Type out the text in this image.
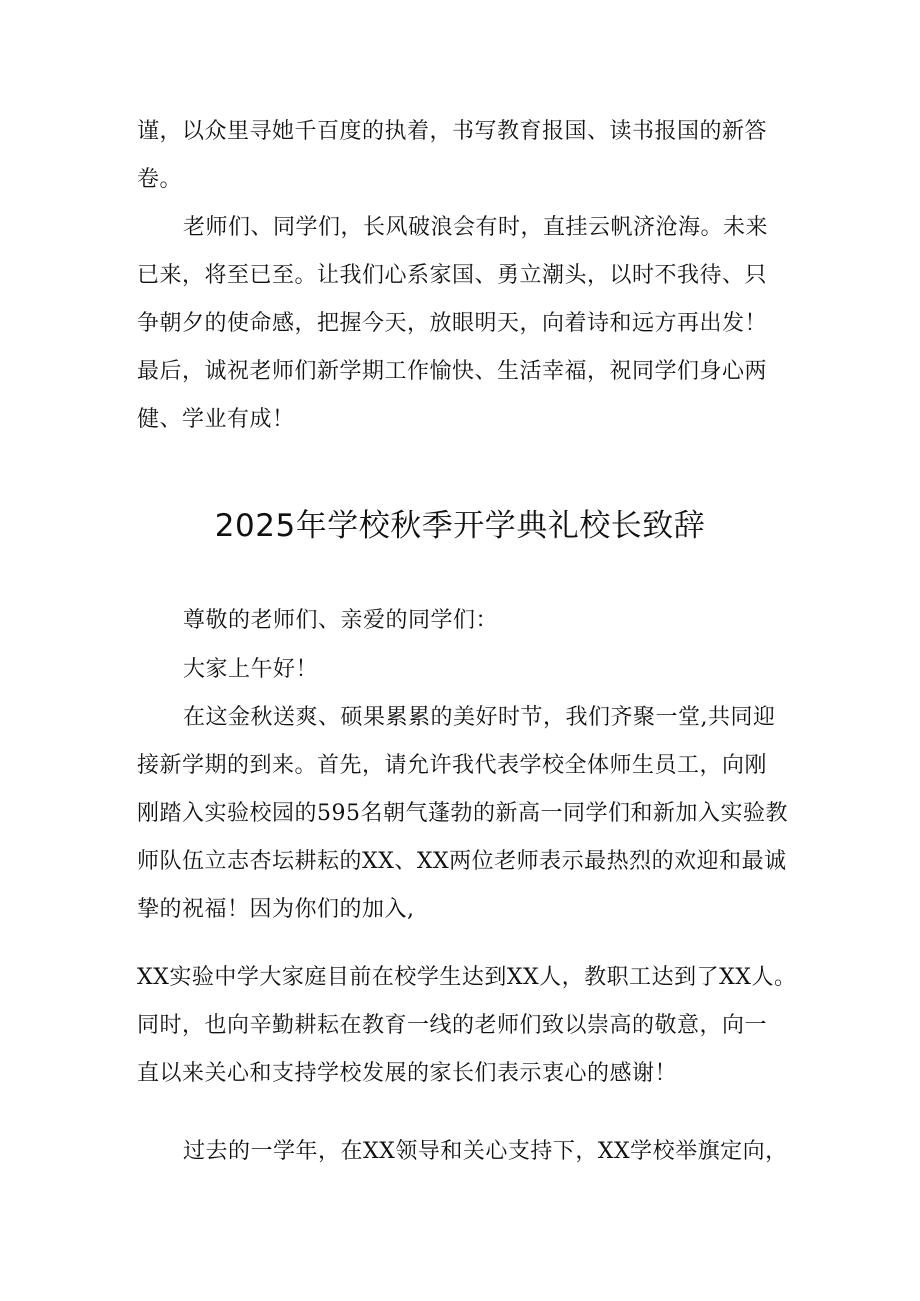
谨，以众里寻她千百度的执着，书写教育报国、读书报国的新答
卷。
老师们、同学们，长风破浪会有时，直挂云帆济沧海。未来
已来，将至已至。让我们心系家国、勇立潮头，以时不我待、只
争朝夕的使命感，把握今天，放眼明天，向着诗和远方再出发！
最后，诚祝老师们新学期工作愉快、生活幸福，祝同学们身心两
健、学业有成！
2025年学校秋季开学典礼校长致辞
尊敬的老师们、亲爱的同学们：
大家上午好！
在这金秋送爽、硕果累累的美好时节，我们齐聚一堂,共同迎
接新学期的到来。首先，请允许我代表学校全体师生员工，向刚
刚踏入实验校园的595名朝气蓬勃的新高一同学们和新加入实验教
师队伍立志杏坛耕耘的XX、XX两位老师表示最热烈的欢迎和最诚
挚的祝福！因为你们的加入,
XX实验中学大家庭目前在校学生达到XX人，教职工达到了XX人。
同时，也向辛勤耕耘在教育一线的老师们致以崇高的敬意，向一
直以来关心和支持学校发展的家长们表示衷心的感谢！
过去的一学年，在XX领导和关心支持下，XX学校举旗定向，
